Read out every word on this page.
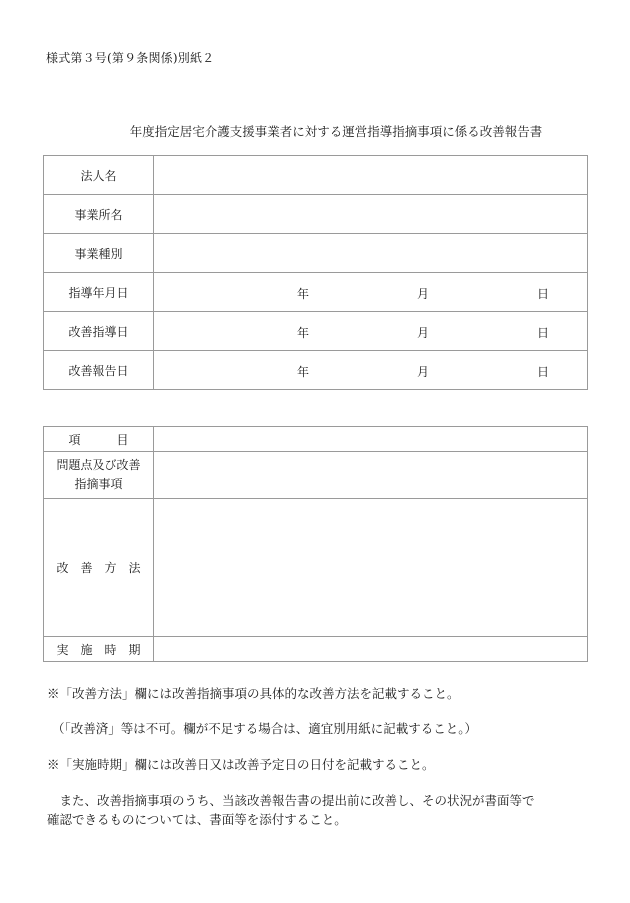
様式第３号(第９条関係)別紙２
年度指定居宅介護支援事業者に対する運営指導指摘事項に係る改善報告書
法人名	
事業所名	
事業種別	
指導年月日	年 月 日

改善指導日	年 月 日

改善報告日	年 月 日
項　　　目	

問題点及び改善
指摘事項	

改　善　方　法	
実　施　時　期	
※「改善方法」欄には改善指摘事項の具体的な改善方法を記載すること。
（「改善済」等は不可。欄が不足する場合は、適宜別用紙に記載すること。）
※「実施時期」欄には改善日又は改善予定日の日付を記載すること。
　また、改善指摘事項のうち、当該改善報告書の提出前に改善し、その状況が書面等で
確認できるものについては、書面等を添付すること。
